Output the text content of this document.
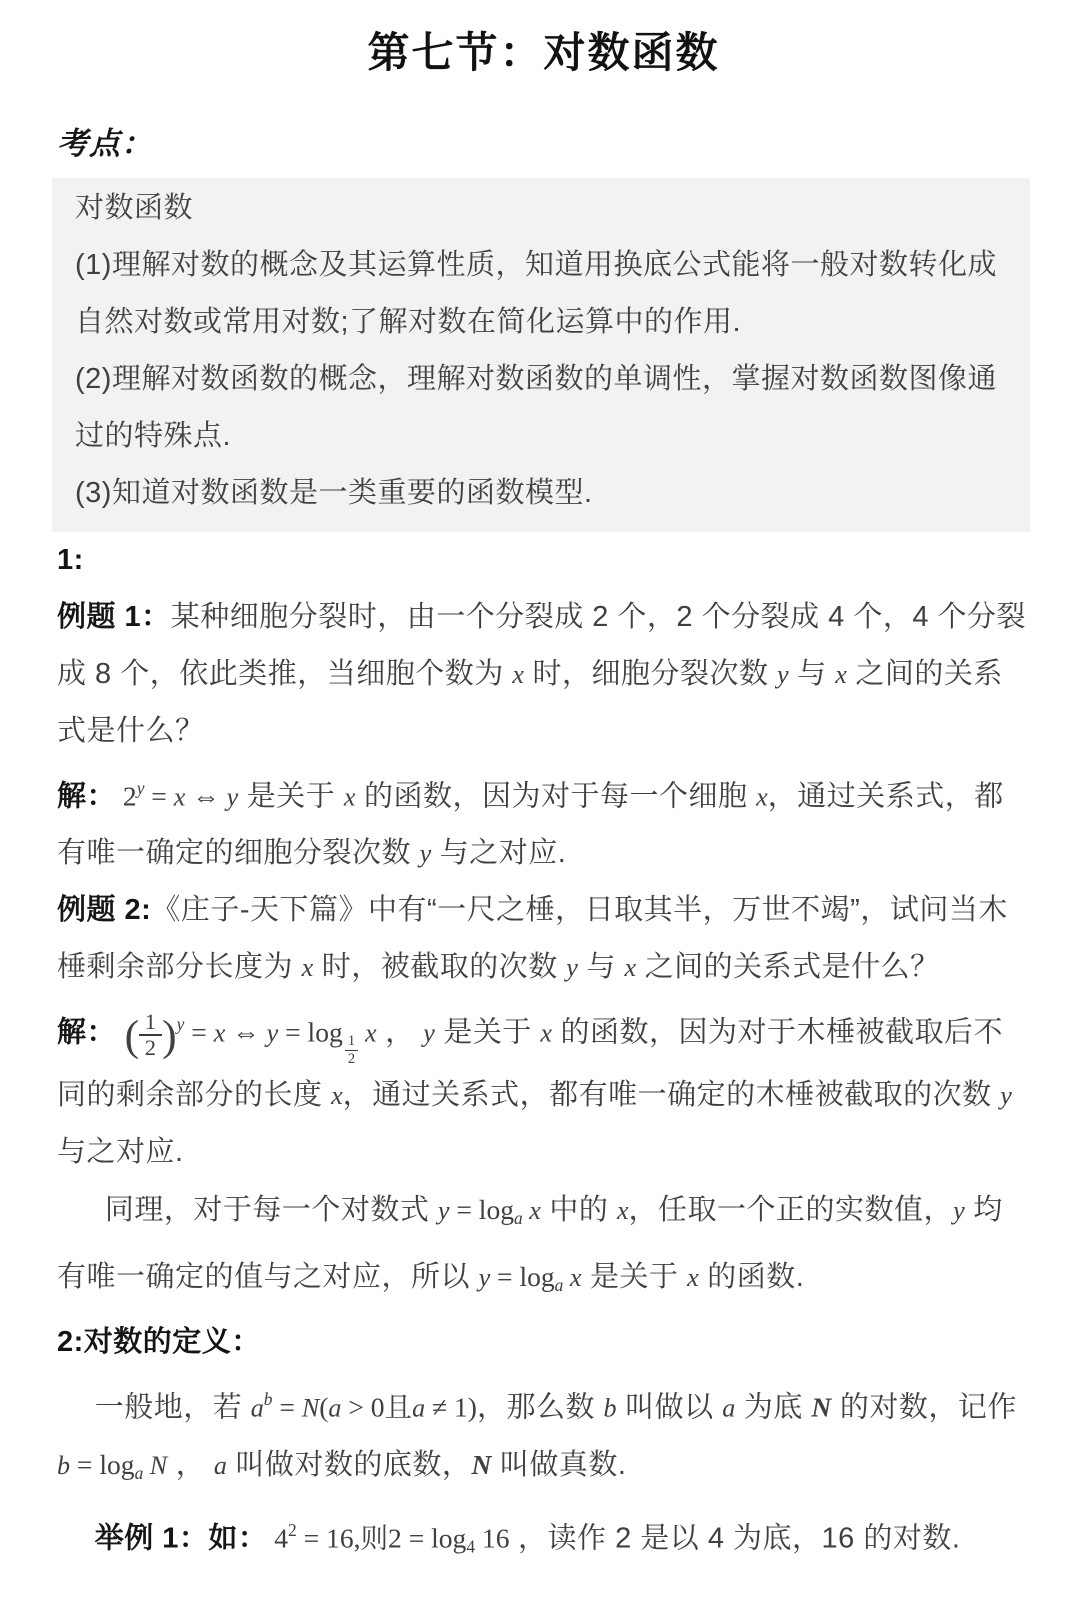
第七节：对数函数
考点：

对数函数

(1)理解对数的概念及其运算性质，知道用换底公式能将一般对数转化成自然对数或常用对数;了解对数在简化运算中的作用.

(2)理解对数函数的概念，理解对数函数的单调性，掌握对数函数图像通过的特殊点.

(3)知道对数函数是一类重要的函数模型.

1:

例题 1：某种细胞分裂时，由一个分裂成 2 个，2 个分裂成 4 个，4 个分裂成 8 个，依此类推，当细胞个数为 x 时，细胞分裂次数 y 与 x 之间的关系式是什么？

解： $2^y = x$ ⇔ y 是关于 x 的函数，因为对于每一个细胞 x，通过关系式，都有唯一确定的细胞分裂次数 y 与之对应.

例题 2:《庄子-天下篇》中有“一尺之棰，日取其半，万世不竭”，试问当木棰剩余部分长度为 x 时，被截取的次数 y 与 x 之间的关系式是什么？

解： ( $\frac{1}{2} )^y = x$ ⇔ y = log
$\frac{1}{2}$ x ， y 是关于 x 的函数，因为对于木棰被截取后不同的剩余部分的长度 x，通过关系式，都有唯一确定的木棰被截取的次数 y 与之对应.

同理，对于每一个对数式 y = loga x 中的 x，任取一个正的实数值，y 均有唯一确定的值与之对应，所以 y = loga x 是关于 x 的函数.

2:对数的定义：

一般地，若 $a^b = N(a > 0$且a ≠ 1)，那么数 b 叫做以 a 为底 N 的对数，记作 b = loga N ， a 叫做对数的底数，N 叫做真数.

举例 1：如： $4^2 = 16$,则2 = log4 16 ，读作 2 是以 4 为底，16 的对数.
